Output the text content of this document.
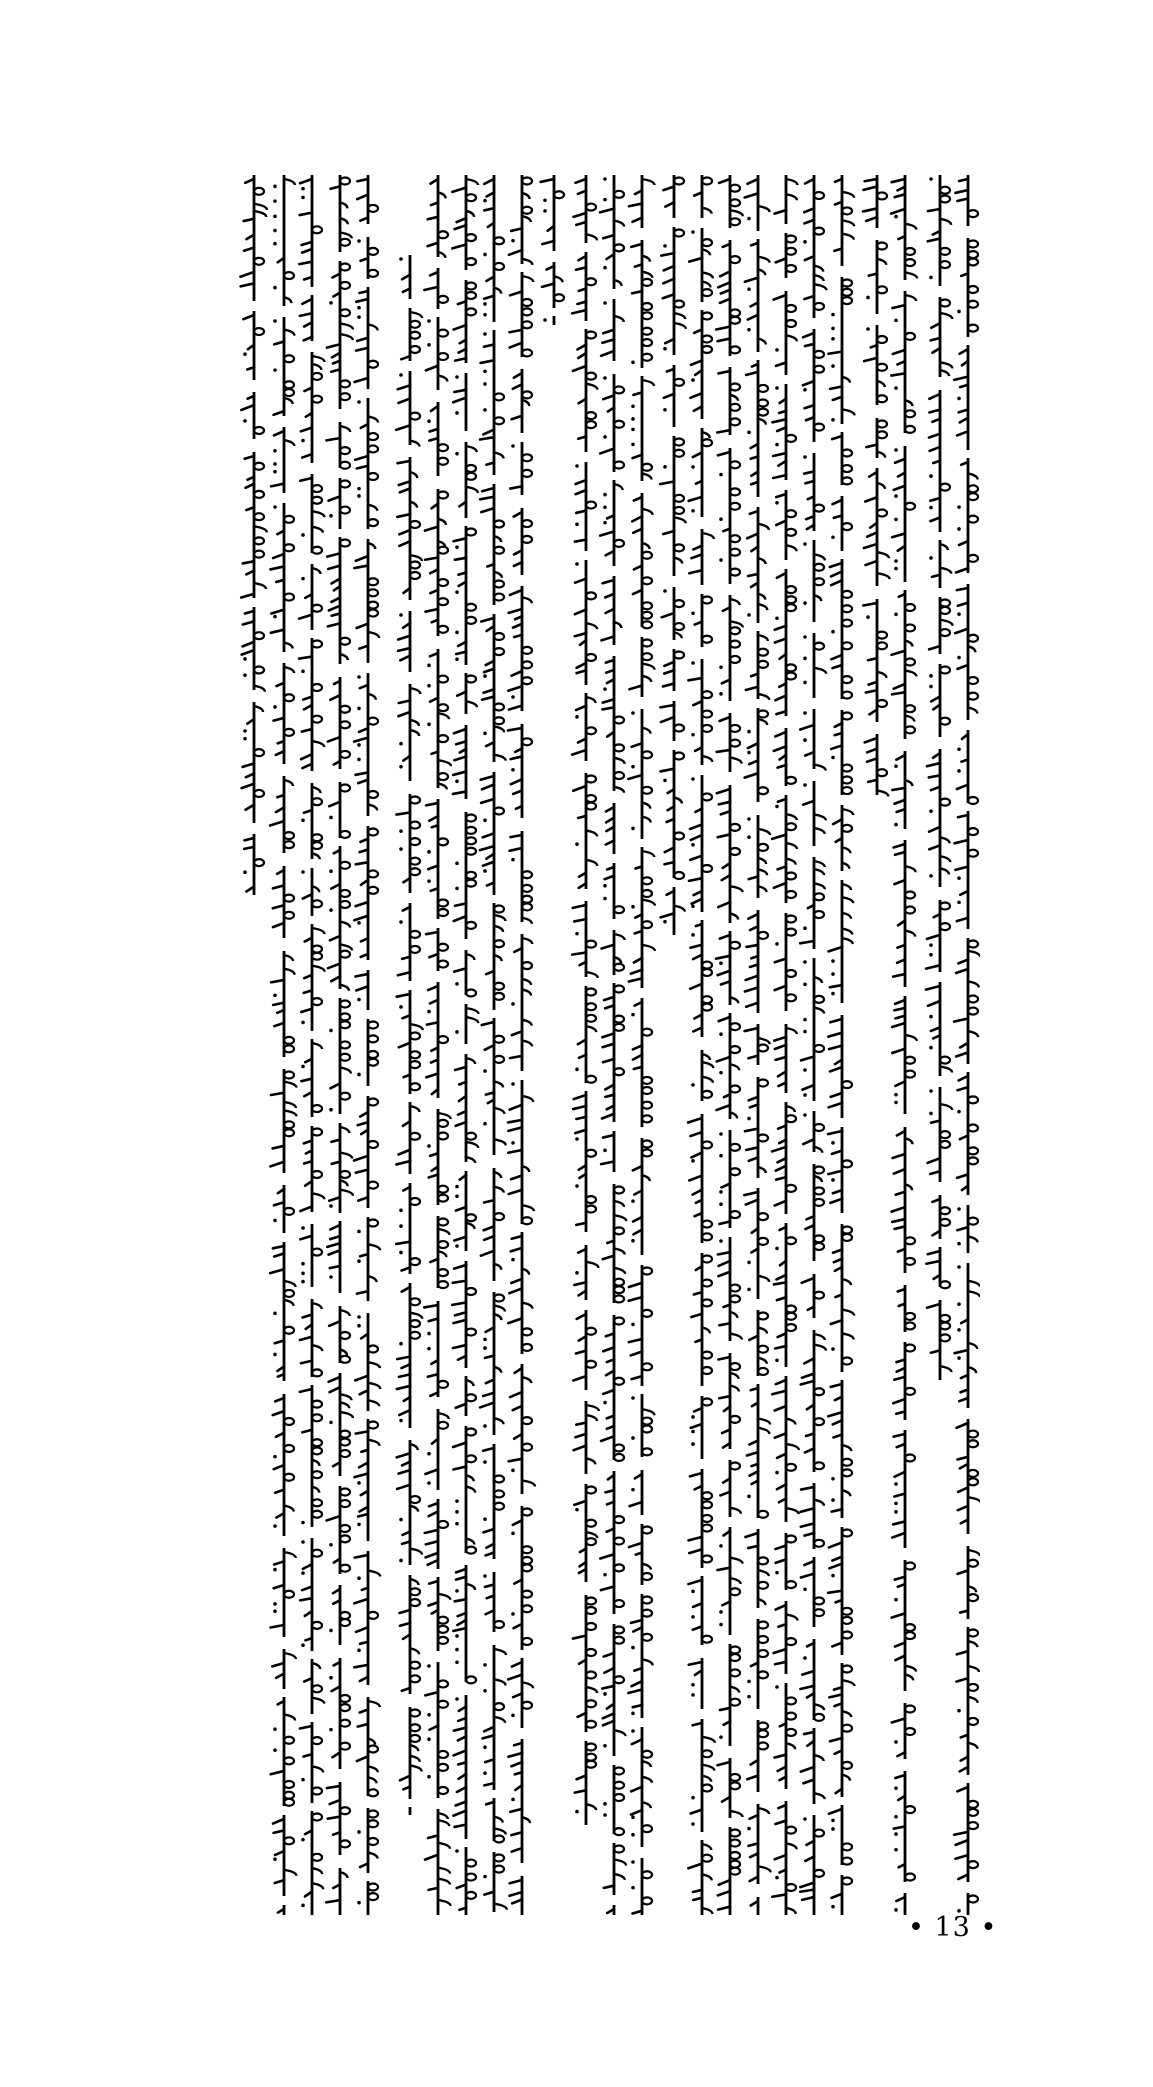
• 13 •
